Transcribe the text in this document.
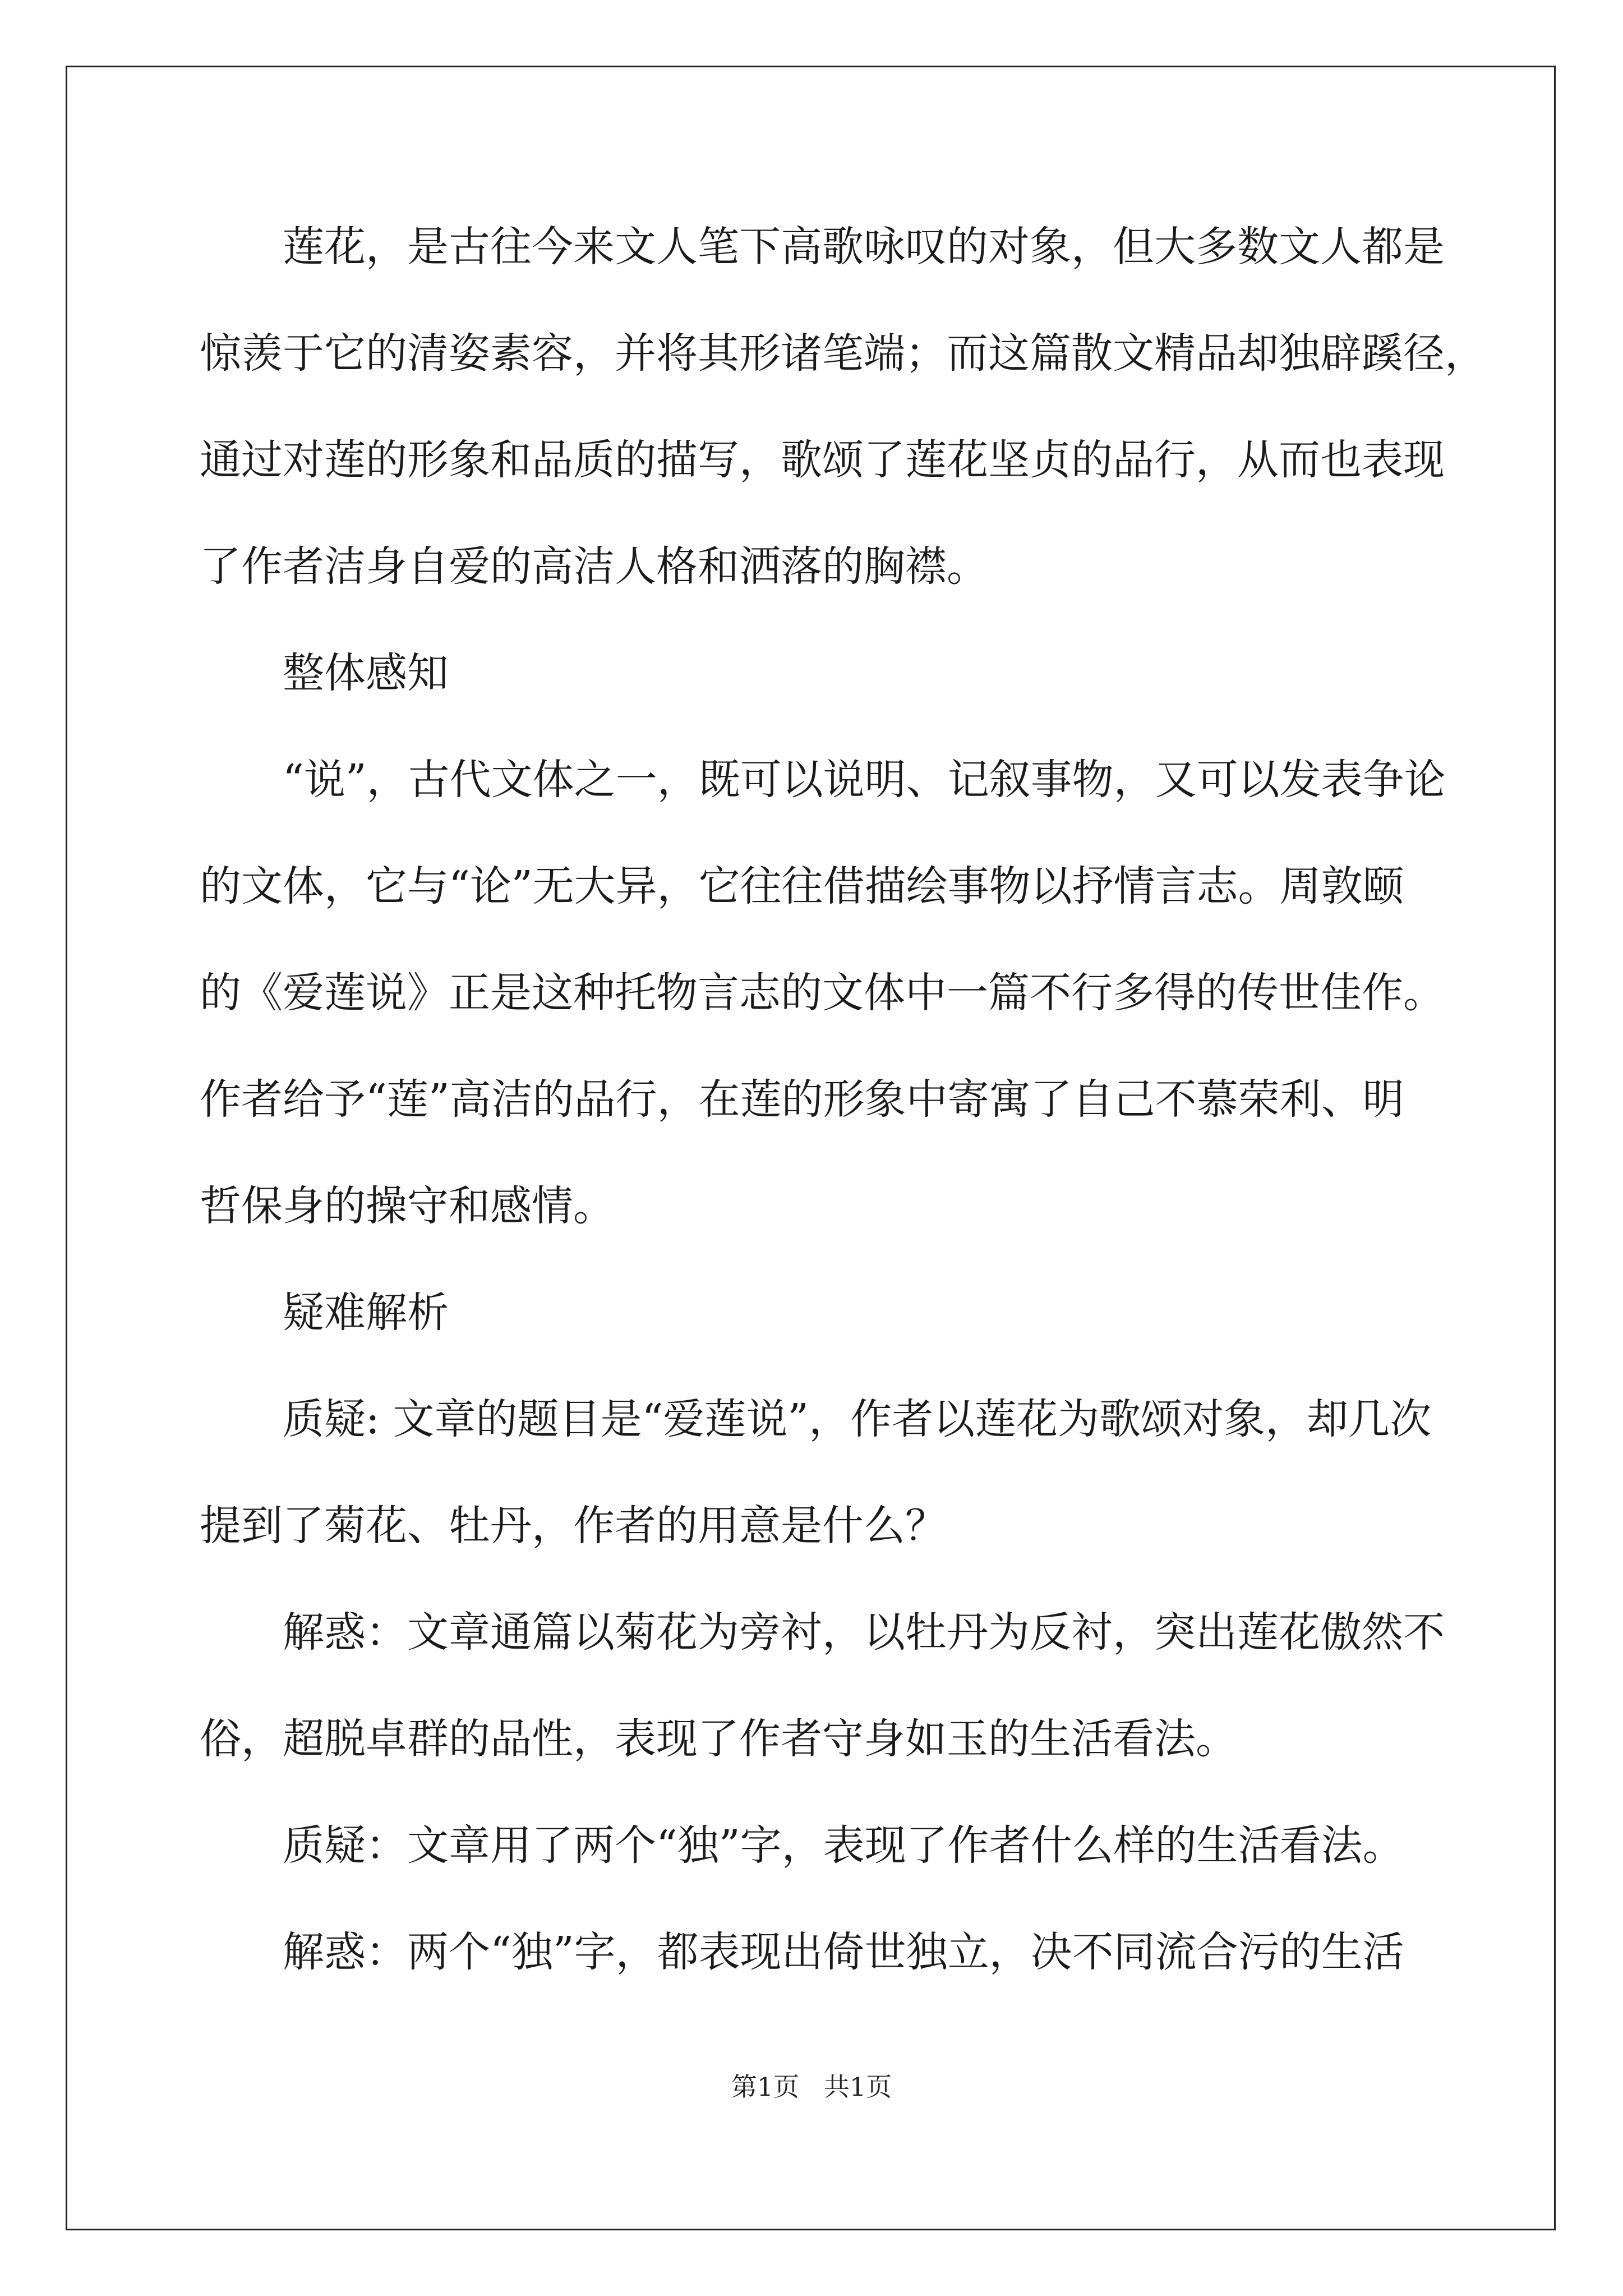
莲花，是古往今来文人笔下高歌咏叹的对象，但大多数文人都是
惊羡于它的清姿素容，并将其形诸笔端；而这篇散文精品却独辟蹊径，
通过对莲的形象和品质的描写，歌颂了莲花坚贞的品行，从而也表现
了作者洁身自爱的高洁人格和洒落的胸襟。
整体感知
“说”，古代文体之一，既可以说明、记叙事物，又可以发表争论
的文体，它与“论”无大异，它往往借描绘事物以抒情言志。周敦颐
的《爱莲说》正是这种托物言志的文体中一篇不行多得的传世佳作。
作者给予“莲”高洁的品行，在莲的形象中寄寓了自己不慕荣利、明
哲保身的操守和感情。
疑难解析
质疑: 文章的题目是“爱莲说”，作者以莲花为歌颂对象，却几次
提到了菊花、牡丹，作者的用意是什么？
解惑：文章通篇以菊花为旁衬，以牡丹为反衬，突出莲花傲然不
俗，超脱卓群的品性，表现了作者守身如玉的生活看法。
质疑：文章用了两个“独”字，表现了作者什么样的生活看法。
解惑：两个“独”字，都表现出倚世独立，决不同流合污的生活
第1页   共1页
